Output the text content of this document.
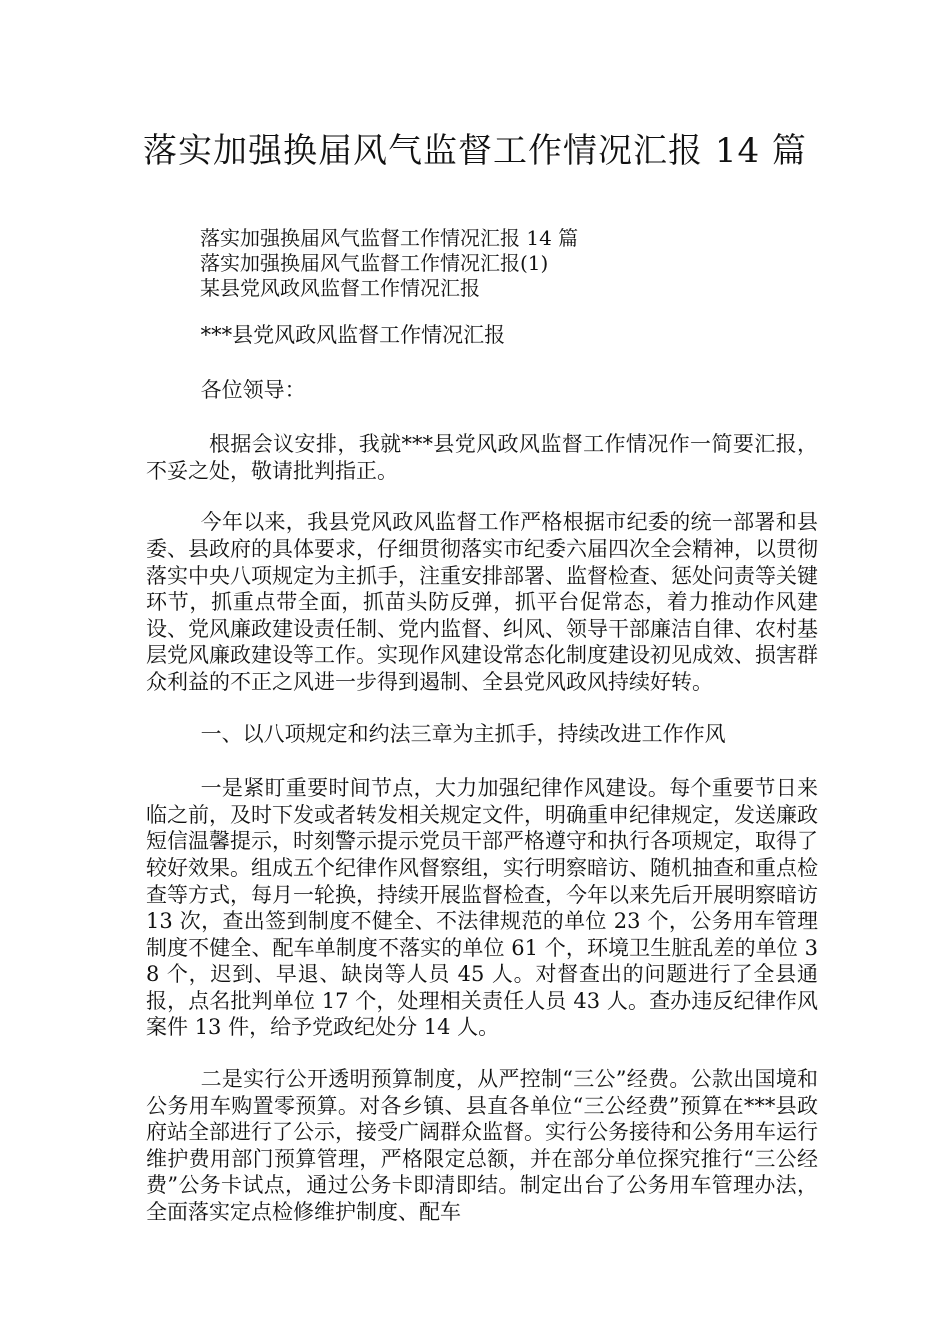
落实加强换届风气监督工作情况汇报 14 篇

落实加强换届风气监督工作情况汇报 14 篇

落实加强换届风气监督工作情况汇报(1)

某县党风政风监督工作情况汇报

***县党风政风监督工作情况汇报

各位领导：

根据会议安排，我就***县党风政风监督工作情况作一简要汇报，不妥之处，敬请批判指正。

今年以来，我县党风政风监督工作严格根据市纪委的统一部署和县委、县政府的具体要求，仔细贯彻落实市纪委六届四次全会精神，以贯彻落实中央八项规定为主抓手，注重安排部署、监督检查、惩处问责等关键环节，抓重点带全面，抓苗头防反弹，抓平台促常态，着力推动作风建设、党风廉政建设责任制、党内监督、纠风、领导干部廉洁自律、农村基层党风廉政建设等工作。实现作风建设常态化制度建设初见成效、损害群众利益的不正之风进一步得到遏制、全县党风政风持续好转。

一、以八项规定和约法三章为主抓手，持续改进工作作风

一是紧盯重要时间节点，大力加强纪律作风建设。每个重要节日来临之前，及时下发或者转发相关规定文件，明确重申纪律规定，发送廉政短信温馨提示，时刻警示提示党员干部严格遵守和执行各项规定，取得了较好效果。组成五个纪律作风督察组，实行明察暗访、随机抽查和重点检查等方式，每月一轮换，持续开展监督检查，今年以来先后开展明察暗访 13 次，查出签到制度不健全、不法律规范的单位 23 个，公务用车管理制度不健全、配车单制度不落实的单位 61 个，环境卫生脏乱差的单位 38 个，迟到、早退、缺岗等人员 45 人。对督查出的问题进行了全县通报，点名批判单位 17 个，处理相关责任人员 43 人。查办违反纪律作风案件 13 件，给予党政纪处分 14 人。

二是实行公开透明预算制度，从严控制“三公”经费。公款出国境和公务用车购置零预算。对各乡镇、县直各单位“三公经费”预算在***县政府站全部进行了公示，接受广阔群众监督。实行公务接待和公务用车运行维护费用部门预算管理，严格限定总额，并在部分单位探究推行“三公经费”公务卡试点，通过公务卡即清即结。制定出台了公务用车管理办法，全面落实定点检修维护制度、配车
